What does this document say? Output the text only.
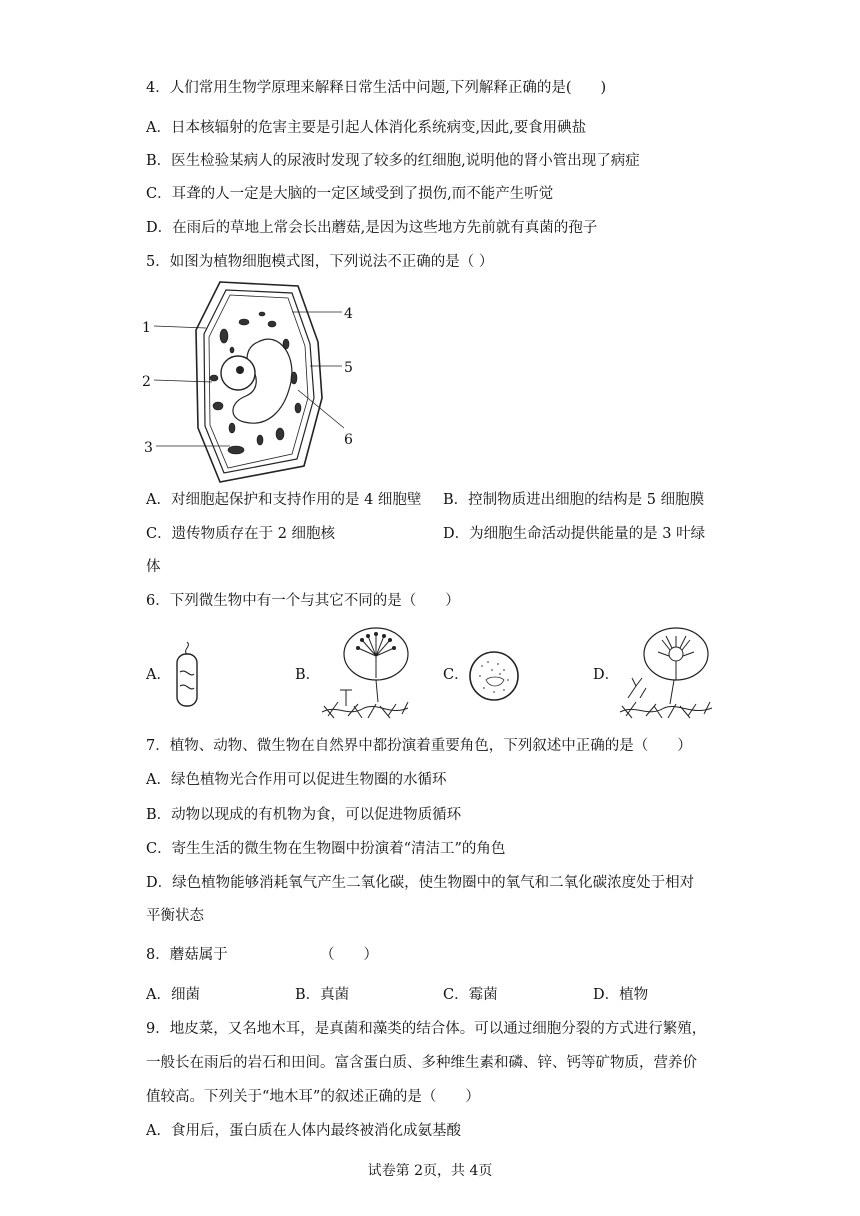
4．人们常用生物学原理来解释日常生活中问题,下列解释正确的是(　　)
A．日本核辐射的危害主要是引起人体消化系统病变,因此,要食用碘盐
B．医生检验某病人的尿液时发现了较多的红细胞,说明他的肾小管出现了病症
C．耳聋的人一定是大脑的一定区域受到了损伤,而不能产生听觉
D．在雨后的草地上常会长出蘑菇,是因为这些地方先前就有真菌的孢子
5．如图为植物细胞模式图，下列说法不正确的是（ ）
1
2
3
4
5
6
A．对细胞起保护和支持作用的是 4 细胞壁 B．控制物质进出细胞的结构是 5 细胞膜
C．遗传物质存在于 2 细胞核	D．为细胞生命活动提供能量的是 3 叶绿
体
6．下列微生物中有一个与其它不同的是（　　）
A．	B．	C．	D．
7．植物、动物、微生物在自然界中都扮演着重要角色，下列叙述中正确的是（　　）
A．绿色植物光合作用可以促进生物圈的水循环
B．动物以现成的有机物为食，可以促进物质循环
C．寄生生活的微生物在生物圈中扮演着“清洁工”的角色
D．绿色植物能够消耗氧气产生二氧化碳，使生物圈中的氧气和二氧化碳浓度处于相对
平衡状态
8．蘑菇属于	（　　）
A．细菌	B．真菌	C．霉菌	D．植物
9．地皮菜，又名地木耳，是真菌和藻类的结合体。可以通过细胞分裂的方式进行繁殖，
一般长在雨后的岩石和田间。富含蛋白质、多种维生素和磷、锌、钙等矿物质，营养价
值较高。下列关于“地木耳”的叙述正确的是（　　）
A．食用后，蛋白质在人体内最终被消化成氨基酸
试卷第 2页，共 4页
